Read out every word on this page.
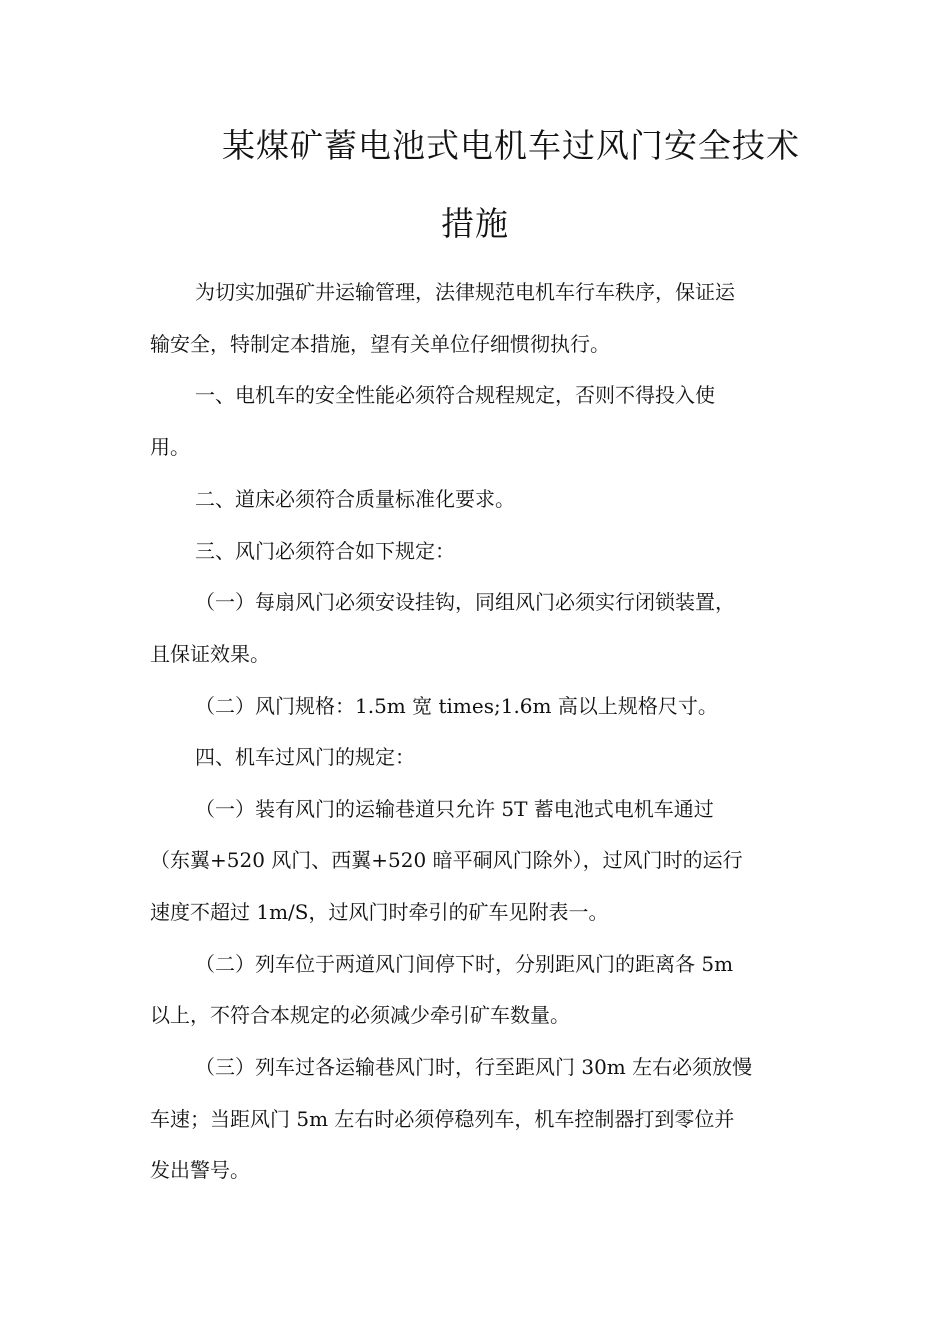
某煤矿蓄电池式电机车过风门安全技术
措施
为切实加强矿井运输管理，法律规范电机车行车秩序，保证运
输安全，特制定本措施，望有关单位仔细惯彻执行。
一、电机车的安全性能必须符合规程规定，否则不得投入使
用。
二、道床必须符合质量标准化要求。
三、风门必须符合如下规定：
（一）每扇风门必须安设挂钩，同组风门必须实行闭锁装置，
且保证效果。
（二）风门规格：1.5m 宽 times;1.6m 高以上规格尺寸。
四、机车过风门的规定：
（一）装有风门的运输巷道只允许 5T 蓄电池式电机车通过
（东翼+520 风门、西翼+520 暗平硐风门除外），过风门时的运行
速度不超过 1m/S，过风门时牵引的矿车见附表一。
（二）列车位于两道风门间停下时，分别距风门的距离各 5m
以上，不符合本规定的必须减少牵引矿车数量。
（三）列车过各运输巷风门时，行至距风门 30m 左右必须放慢
车速；当距风门 5m 左右时必须停稳列车，机车控制器打到零位并
发出警号。
